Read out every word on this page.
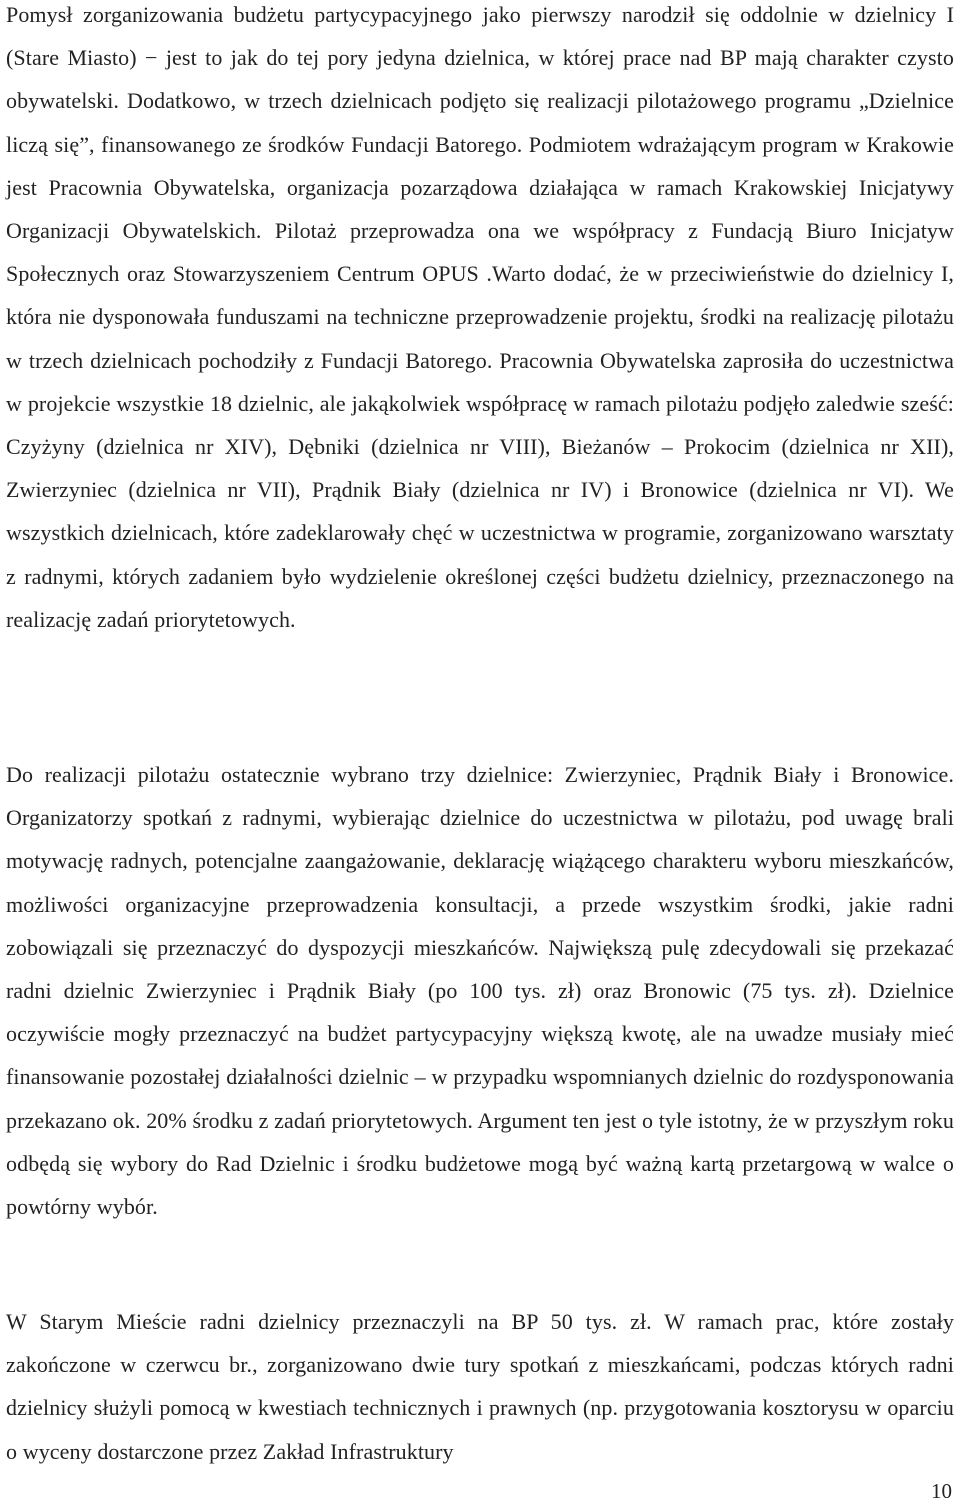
Pomysł zorganizowania budżetu partycypacyjnego jako pierwszy narodził się oddolnie w dzielnicy I (Stare Miasto) − jest to jak do tej pory jedyna dzielnica, w której prace nad BP mają charakter czysto obywatelski. Dodatkowo, w trzech dzielnicach podjęto się realizacji pilotażowego programu „Dzielnice liczą się”, finansowanego ze środków Fundacji Batorego. Podmiotem wdrażającym program w Krakowie jest Pracownia Obywatelska, organizacja pozarządowa działająca w ramach Krakowskiej Inicjatywy Organizacji Obywatelskich. Pilotaż przeprowadza ona we współpracy z Fundacją Biuro Inicjatyw Społecznych oraz Stowarzyszeniem Centrum OPUS .Warto dodać, że w przeciwieństwie do dzielnicy I, która nie dysponowała funduszami na techniczne przeprowadzenie projektu, środki na realizację pilotażu w trzech dzielnicach pochodziły z Fundacji Batorego. Pracownia Obywatelska zaprosiła do uczestnictwa w projekcie wszystkie 18 dzielnic, ale jakąkolwiek współpracę w ramach pilotażu podjęło zaledwie sześć: Czyżyny (dzielnica nr XIV), Dębniki (dzielnica nr VIII), Bieżanów – Prokocim (dzielnica nr XII), Zwierzyniec (dzielnica nr VII), Prądnik Biały (dzielnica nr IV) i Bronowice (dzielnica nr VI). We wszystkich dzielnicach, które zadeklarowały chęć w uczestnictwa w programie, zorganizowano warsztaty z radnymi, których zadaniem było wydzielenie określonej części budżetu dzielnicy, przeznaczonego na realizację zadań priorytetowych.

Do realizacji pilotażu ostatecznie wybrano trzy dzielnice: Zwierzyniec, Prądnik Biały i Bronowice. Organizatorzy spotkań z radnymi, wybierając dzielnice do uczestnictwa w pilotażu, pod uwagę brali motywację radnych, potencjalne zaangażowanie, deklarację wiążącego charakteru wyboru mieszkańców, możliwości organizacyjne przeprowadzenia konsultacji, a przede wszystkim środki, jakie radni zobowiązali się przeznaczyć do dyspozycji mieszkańców. Największą pulę zdecydowali się przekazać radni dzielnic Zwierzyniec i Prądnik Biały (po 100 tys. zł) oraz Bronowic (75 tys. zł). Dzielnice oczywiście mogły przeznaczyć na budżet partycypacyjny większą kwotę, ale na uwadze musiały mieć finansowanie pozostałej działalności dzielnic – w przypadku wspomnianych dzielnic do rozdysponowania przekazano ok. 20% środku z zadań priorytetowych. Argument ten jest o tyle istotny, że w przyszłym roku odbędą się wybory do Rad Dzielnic i środku budżetowe mogą być ważną kartą przetargową w walce o powtórny wybór.

W Starym Mieście radni dzielnicy przeznaczyli na BP 50 tys. zł. W ramach prac, które zostały zakończone w czerwcu br., zorganizowano dwie tury spotkań z mieszkańcami, podczas których radni dzielnicy służyli pomocą w kwestiach technicznych i prawnych (np. przygotowania kosztorysu w oparciu o wyceny dostarczone przez Zakład Infrastruktury

10
